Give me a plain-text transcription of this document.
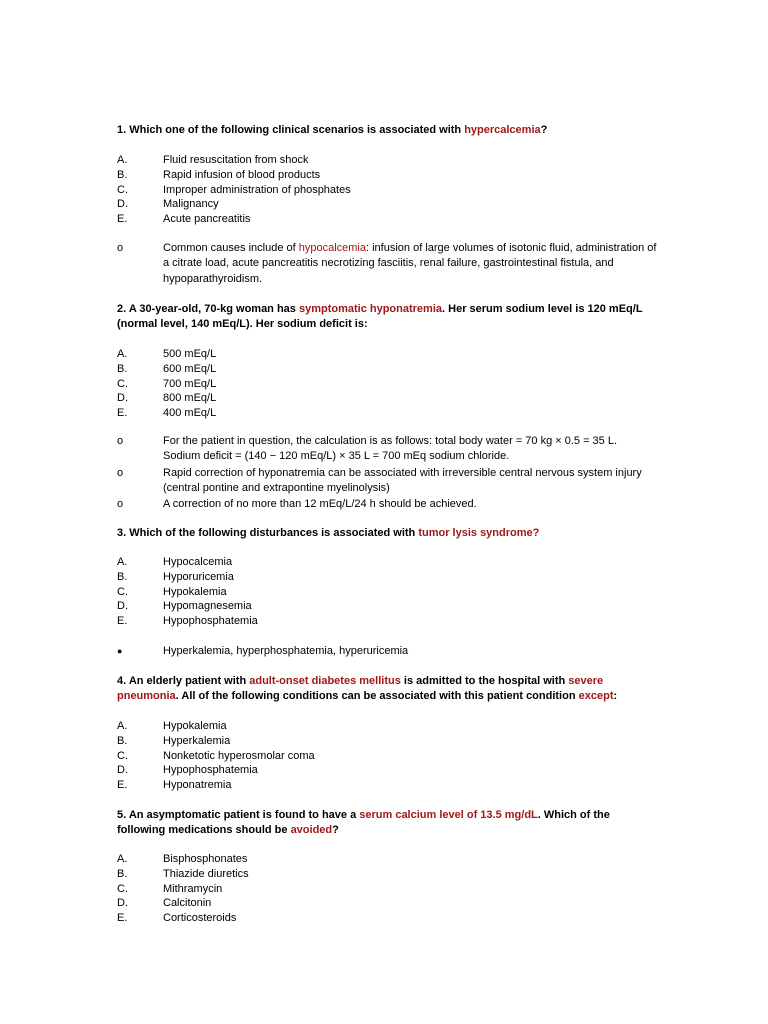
1. Which one of the following clinical scenarios is associated with hypercalcemia?
A.	Fluid resuscitation from shock
B.	Rapid infusion of blood products
C.	Improper administration of phosphates
D.	Malignancy
E.	Acute pancreatitis
o	Common causes include of hypocalcemia: infusion of large volumes of isotonic fluid, administration of a citrate load, acute pancreatitis necrotizing fasciitis, renal failure, gastrointestinal fistula, and hypoparathyroidism.
2. A 30-year-old, 70-kg woman has symptomatic hyponatremia. Her serum sodium level is 120 mEq/L (normal level, 140 mEq/L). Her sodium deficit is:
A.	500 mEq/L
B.	600 mEq/L
C.	700 mEq/L
D.	800 mEq/L
E.	400 mEq/L
o	For the patient in question, the calculation is as follows: total body water = 70 kg × 0.5 = 35 L. Sodium deficit = (140 − 120 mEq/L) × 35 L = 700 mEq sodium chloride.
o	Rapid correction of hyponatremia can be associated with irreversible central nervous system injury (central pontine and extrapontine myelinolysis)
o	A correction of no more than 12 mEq/L/24 h should be achieved.
3. Which of the following disturbances is associated with tumor lysis syndrome?
A.	Hypocalcemia
B.	Hyporuricemia
C.	Hypokalemia
D.	Hypomagnesemia
E.	Hypophosphatemia
●	Hyperkalemia, hyperphosphatemia, hyperuricemia
4. An elderly patient with adult-onset diabetes mellitus is admitted to the hospital with severe pneumonia. All of the following conditions can be associated with this patient condition except:
A.	Hypokalemia
B.	Hyperkalemia
C.	Nonketotic hyperosmolar coma
D.	Hypophosphatemia
E.	Hyponatremia
5. An asymptomatic patient is found to have a serum calcium level of 13.5 mg/dL. Which of the following medications should be avoided?
A.	Bisphosphonates
B.	Thiazide diuretics
C.	Mithramycin
D.	Calcitonin
E.	Corticosteroids
